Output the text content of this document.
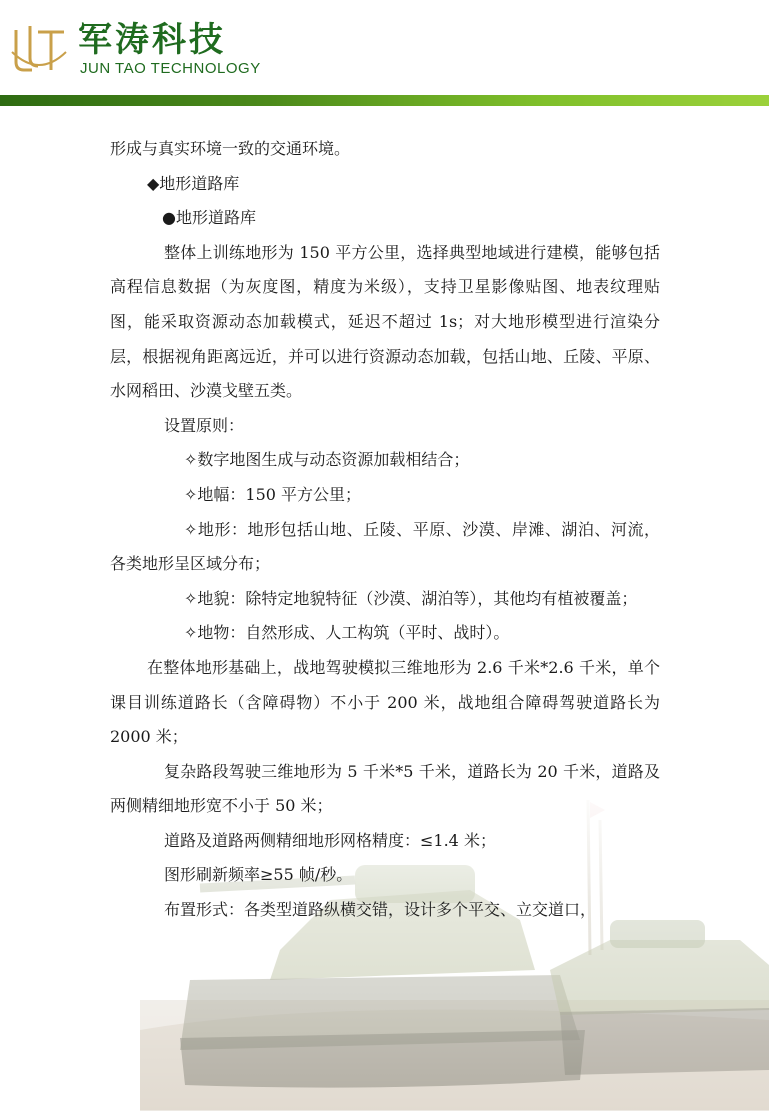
军涛科技
JUN TAO TECHNOLOGY
形成与真实环境一致的交通环境。
◆地形道路库
●地形道路库
整体上训练地形为 150 平方公里，选择典型地域进行建模，能够包括高程信息数据（为灰度图，精度为米级），支持卫星影像贴图、地表纹理贴图，能采取资源动态加载模式，延迟不超过 1s；对大地形模型进行渲染分层，根据视角距离远近，并可以进行资源动态加载，包括山地、丘陵、平原、水网稻田、沙漠戈壁五类。
设置原则：
✧数字地图生成与动态资源加载相结合；
✧地幅：150 平方公里；
✧地形：地形包括山地、丘陵、平原、沙漠、岸滩、湖泊、河流，各类地形呈区域分布；
✧地貌：除特定地貌特征（沙漠、湖泊等），其他均有植被覆盖；
✧地物：自然形成、人工构筑（平时、战时）。
在整体地形基础上，战地驾驶模拟三维地形为 2.6 千米*2.6 千米，单个课目训练道路长（含障碍物）不小于 200 米，战地组合障碍驾驶道路长为 2000 米；
复杂路段驾驶三维地形为 5 千米*5 千米，道路长为 20 千米，道路及两侧精细地形宽不小于 50 米；
道路及道路两侧精细地形网格精度：≤1.4 米；
图形刷新频率≥55 帧/秒。
布置形式：各类型道路纵横交错，设计多个平交、立交道口，
